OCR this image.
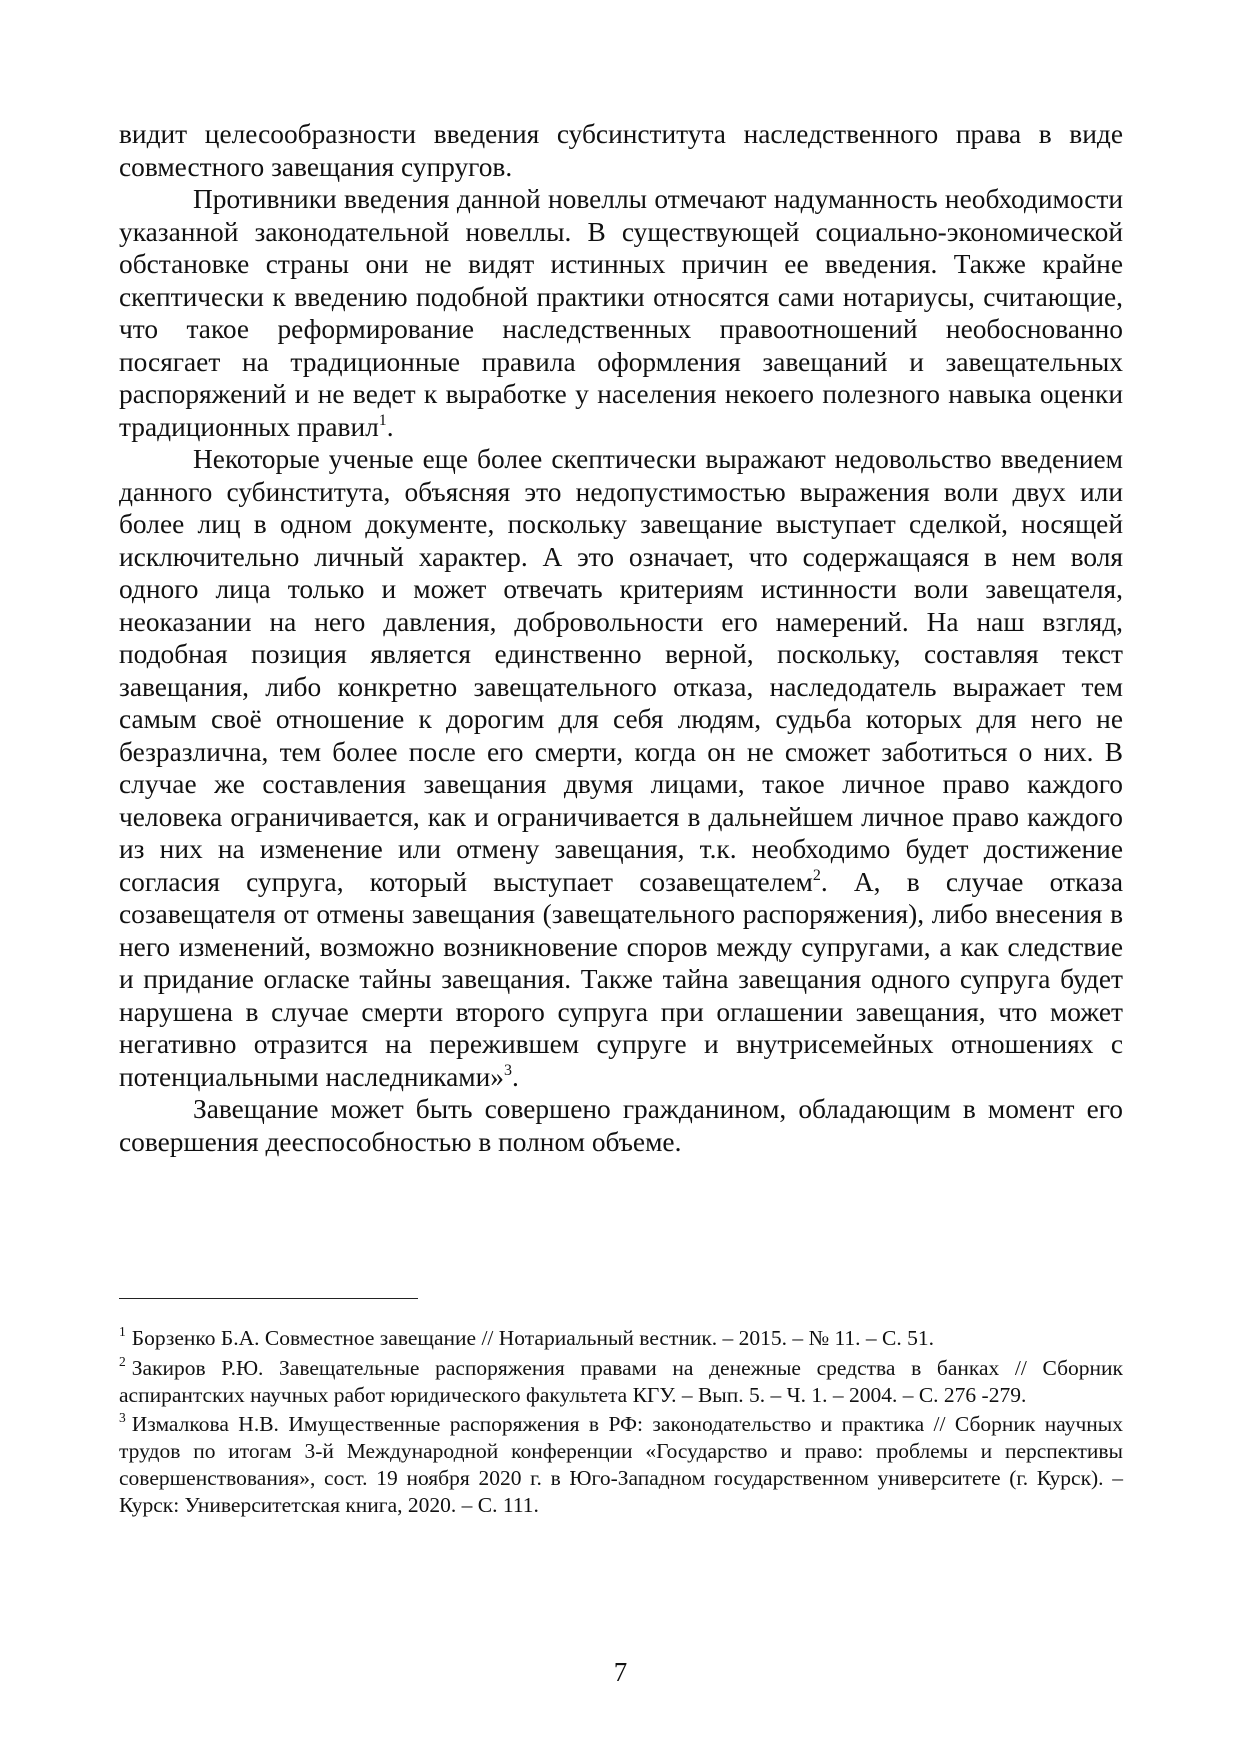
видит целесообразности введения субсинститута наследственного права в виде совместного завещания супругов.

Противники введения данной новеллы отмечают надуманность необходимости указанной законодательной новеллы. В существующей социально-экономической обстановке страны они не видят истинных причин ее введения. Также крайне скептически к введению подобной практики относятся сами нотариусы, считающие, что такое реформирование наследственных правоотношений необоснованно посягает на традиционные правила оформления завещаний и завещательных распоряжений и не ведет к выработке у населения некоего полезного навыка оценки традиционных правил$^1$.

Некоторые ученые еще более скептически выражают недовольство введением данного субинститута, объясняя это недопустимостью выражения воли двух или более лиц в одном документе, поскольку завещание выступает сделкой, носящей исключительно личный характер. А это означает, что содержащаяся в нем воля одного лица только и может отвечать критериям истинности воли завещателя, неоказании на него давления, добровольности его намерений. На наш взгляд, подобная позиция является единственно верной, поскольку, составляя текст завещания, либо конкретно завещательного отказа, наследодатель выражает тем самым своё отношение к дорогим для себя людям, судьба которых для него не безразлична, тем более после его смерти, когда он не сможет заботиться о них. В случае же составления завещания двумя лицами, такое личное право каждого человека ограничивается, как и ограничивается в дальнейшем личное право каждого из них на изменение или отмену завещания, т.к. необходимо будет достижение согласия супруга, который выступает созавещателем$^2$. А, в случае отказа созавещателя от отмены завещания (завещательного распоряжения), либо внесения в него изменений, возможно возникновение споров между супругами, а как следствие и придание огласке тайны завещания. Также тайна завещания одного супруга будет нарушена в случае смерти второго супруга при оглашении завещания, что может негативно отразится на пережившем супруге и внутрисемейных отношениях с потенциальными наследниками»$^3$.

Завещание может быть совершено гражданином, обладающим в момент его совершения дееспособностью в полном объеме.

$^1$ Борзенко Б.А. Совместное завещание // Нотариальный вестник. – 2015. – № 11. – С. 51.
$^2$ Закиров Р.Ю. Завещательные распоряжения правами на денежные средства в банках // Сборник аспирантских научных работ юридического факультета КГУ. – Вып. 5. – Ч. 1. – 2004. – С. 276 -279.
$^3$ Измалкова Н.В. Имущественные распоряжения в РФ: законодательство и практика // Сборник научных трудов по итогам 3-й Международной конференции «Государство и право: проблемы и перспективы совершенствования», сост. 19 ноября 2020 г. в Юго-Западном государственном университете (г. Курск). – Курск: Университетская книга, 2020. – С. 111.
7
